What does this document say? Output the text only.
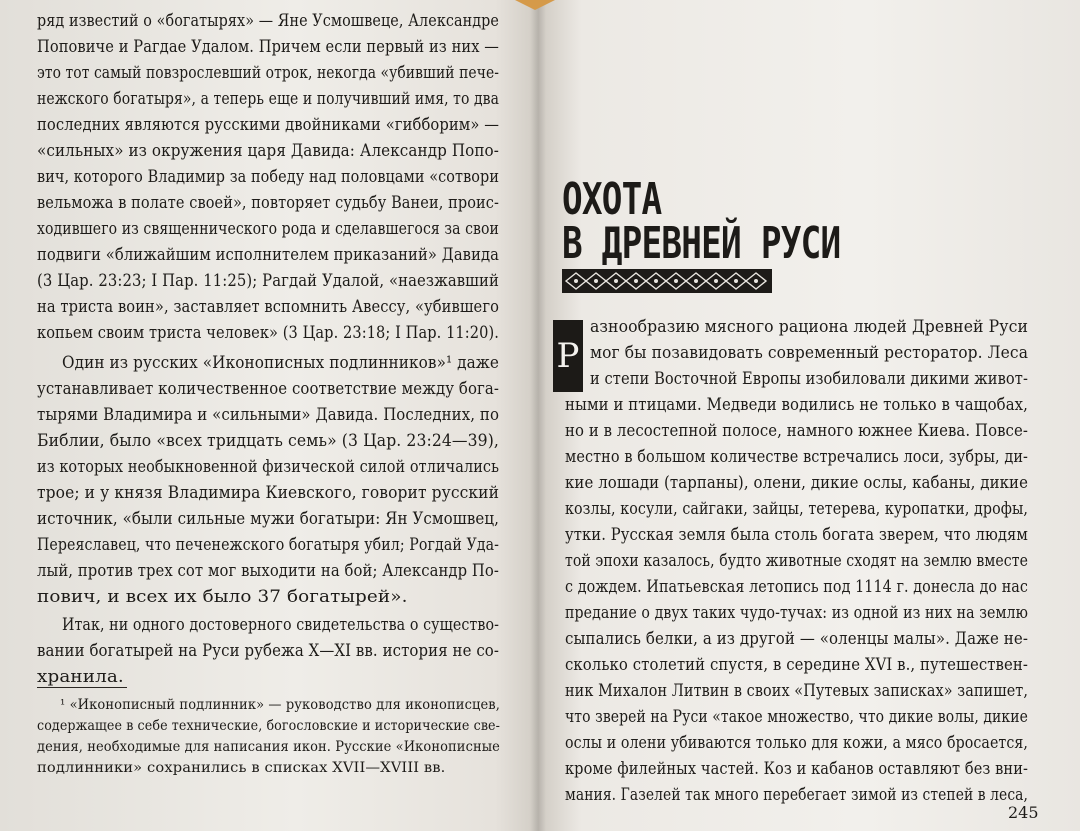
ряд известий о «богатырях» — Яне Усмошвеце, Александре
Поповиче и Рагдае Удалом. Причем если первый из них —
это тот самый повзрослевший отрок, некогда «убивший пече-
нежского богатыря», а теперь еще и получивший имя, то два
последних являются русскими двойниками «гибборим» —
«сильных» из окружения царя Давида: Александр Попо-
вич, которого Владимир за победу над половцами «сотвори
вельможа в полате своей», повторяет судьбу Ванеи, проис-
ходившего из священнического рода и сделавшегося за свои
подвиги «ближайшим исполнителем приказаний» Давида
(3 Цар. 23:23; I Пар. 11:25); Рагдай Удалой, «наезжавший
на триста воин», заставляет вспомнить Авессу, «убившего
копьем своим триста человек» (3 Цар. 23:18; I Пар. 11:20).
Один из русских «Иконописных подлинников»¹ даже
устанавливает количественное соответствие между бога-
тырями Владимира и «сильными» Давида. Последних, по
Библии, было «всех тридцать семь» (3 Цар. 23:24—39),
из которых необыкновенной физической силой отличались
трое; и у князя Владимира Киевского, говорит русский
источник, «были сильные мужи богатыри: Ян Усмошвец,
Переяславец, что печенежского богатыря убил; Рогдай Уда-
лый, против трех сот мог выходити на бой; Александр По-
пович, и всех их было 37 богатырей».
Итак, ни одного достоверного свидетельства о существо-
вании богатырей на Руси рубежа X—XI вв. история не со-
хранила.
¹ «Иконописный подлинник» — руководство для иконописцев,
содержащее в себе технические, богословские и исторические све-
дения, необходимые для написания икон. Русские «Иконописные
подлинники» сохранились в списках XVII—XVIII вв.
ОХОТА
В ДРЕВНЕЙ РУСИ
Р
азнообразию мясного рациона людей Древней Руси
мог бы позавидовать современный ресторатор. Леса
и степи Восточной Европы изобиловали дикими живот-
ными и птицами. Медведи водились не только в чащобах,
но и в лесостепной полосе, намного южнее Киева. Повсе-
местно в большом количестве встречались лоси, зубры, ди-
кие лошади (тарпаны), олени, дикие ослы, кабаны, дикие
козлы, косули, сайгаки, зайцы, тетерева, куропатки, дрофы,
утки. Русская земля была столь богата зверем, что людям
той эпохи казалось, будто животные сходят на землю вместе
с дождем. Ипатьевская летопись под 1114 г. донесла до нас
предание о двух таких чудо-тучах: из одной из них на землю
сыпались белки, а из другой — «оленцы малы». Даже не-
сколько столетий спустя, в середине XVI в., путешествен-
ник Михалон Литвин в своих «Путевых записках» запишет,
что зверей на Руси «такое множество, что дикие волы, дикие
ослы и олени убиваются только для кожи, а мясо бросается,
кроме филейных частей. Коз и кабанов оставляют без вни-
мания. Газелей так много перебегает зимой из степей в леса,
245
